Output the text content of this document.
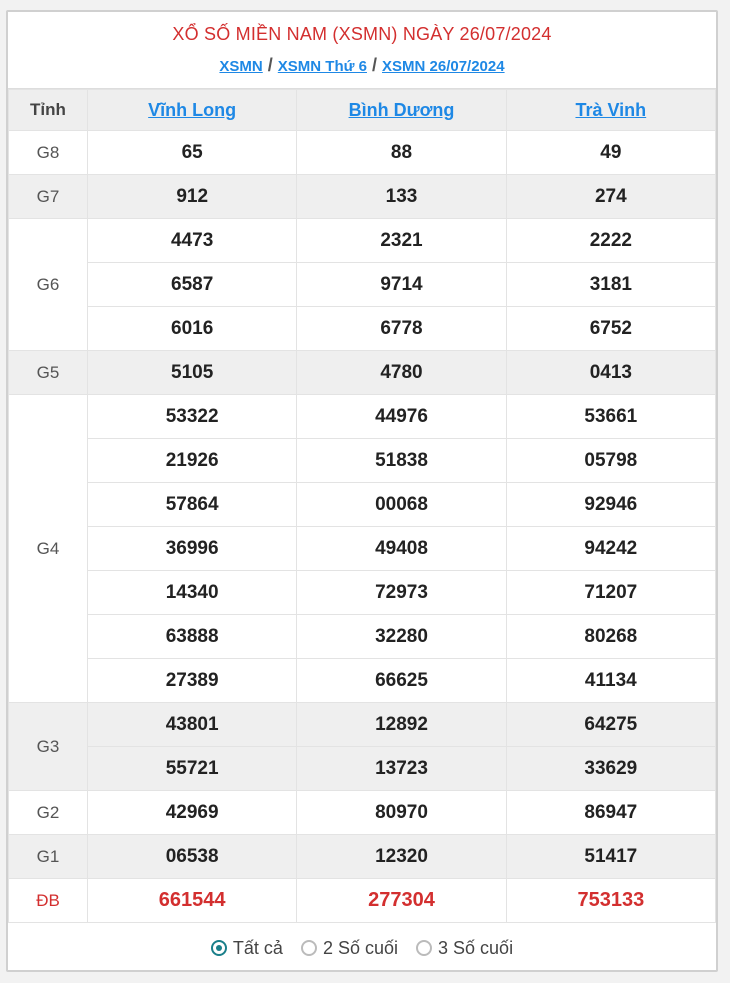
XỔ SỐ MIỀN NAM (XSMN) NGÀY 26/07/2024
XSMN / XSMN Thứ 6 / XSMN 26/07/2024
Tỉnh	Vĩnh Long	Bình Dương	Trà Vinh
G8	65	88	49
G7	912	133	274
G6	4473	2321	2222
	6587	9714	3181
	6016	6778	6752
G5	5105	4780	0413
G4	53322	44976	53661
	21926	51838	05798
	57864	00068	92946
	36996	49408	94242
	14340	72973	71207
	63888	32280	80268
	27389	66625	41134
G3	43801	12892	64275
	55721	13723	33629
G2	42969	80970	86947
G1	06538	12320	51417
ĐB	661544	277304	753133
Tất cả 2 Số cuối 3 Số cuối
